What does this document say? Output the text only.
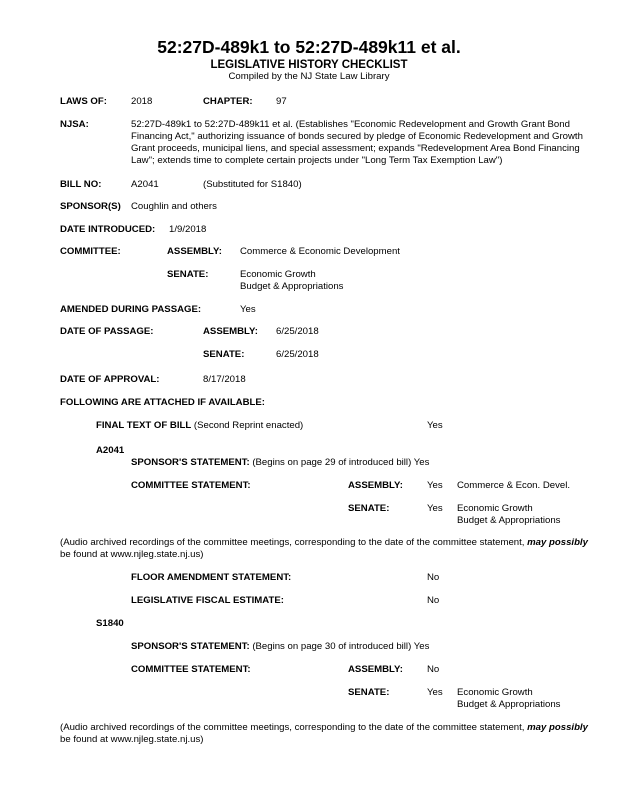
52:27D-489k1 to 52:27D-489k11 et al.
LEGISLATIVE HISTORY CHECKLIST
Compiled by the NJ State Law Library
LAWS OF:	2018	CHAPTER: 97
NJSA:	52:27D-489k1 to 52:27D-489k11 et al. (Establishes "Economic Redevelopment and Growth Grant Bond
Financing Act," authorizing issuance of bonds secured by pledge of Economic Redevelopment and Growth
Grant proceeds, municipal liens, and special assessment; expands "Redevelopment Area Bond Financing
Law"; extends time to complete certain projects under "Long Term Tax Exemption Law")
BILL NO:	A2041	(Substituted for S1840)
SPONSOR(S) Coughlin and others
DATE INTRODUCED: 1/9/2018
COMMITTEE:	ASSEMBLY: Commerce & Economic Development
SENATE:	Economic Growth
Budget & Appropriations
AMENDED DURING PASSAGE:	Yes
DATE OF PASSAGE:	ASSEMBLY: 6/25/2018
SENATE:	6/25/2018
DATE OF APPROVAL:	8/17/2018
FOLLOWING ARE ATTACHED IF AVAILABLE:
FINAL TEXT OF BILL (Second Reprint enacted)	Yes
A2041
SPONSOR'S STATEMENT: (Begins on page 29 of introduced bill) Yes
COMMITTEE STATEMENT:	ASSEMBLY:	Yes Commerce & Econ. Devel.
SENATE:	Yes Economic Growth
Budget & Appropriations
(Audio archived recordings of the committee meetings, corresponding to the date of the committee statement, may possibly
be found at www.njleg.state.nj.us)
FLOOR AMENDMENT STATEMENT:	No
LEGISLATIVE FISCAL ESTIMATE:	No
S1840
SPONSOR'S STATEMENT: (Begins on page 30 of introduced bill) Yes
COMMITTEE STATEMENT:	ASSEMBLY:	No
SENATE:	Yes Economic Growth
Budget & Appropriations
(Audio archived recordings of the committee meetings, corresponding to the date of the committee statement, may possibly
be found at www.njleg.state.nj.us)
